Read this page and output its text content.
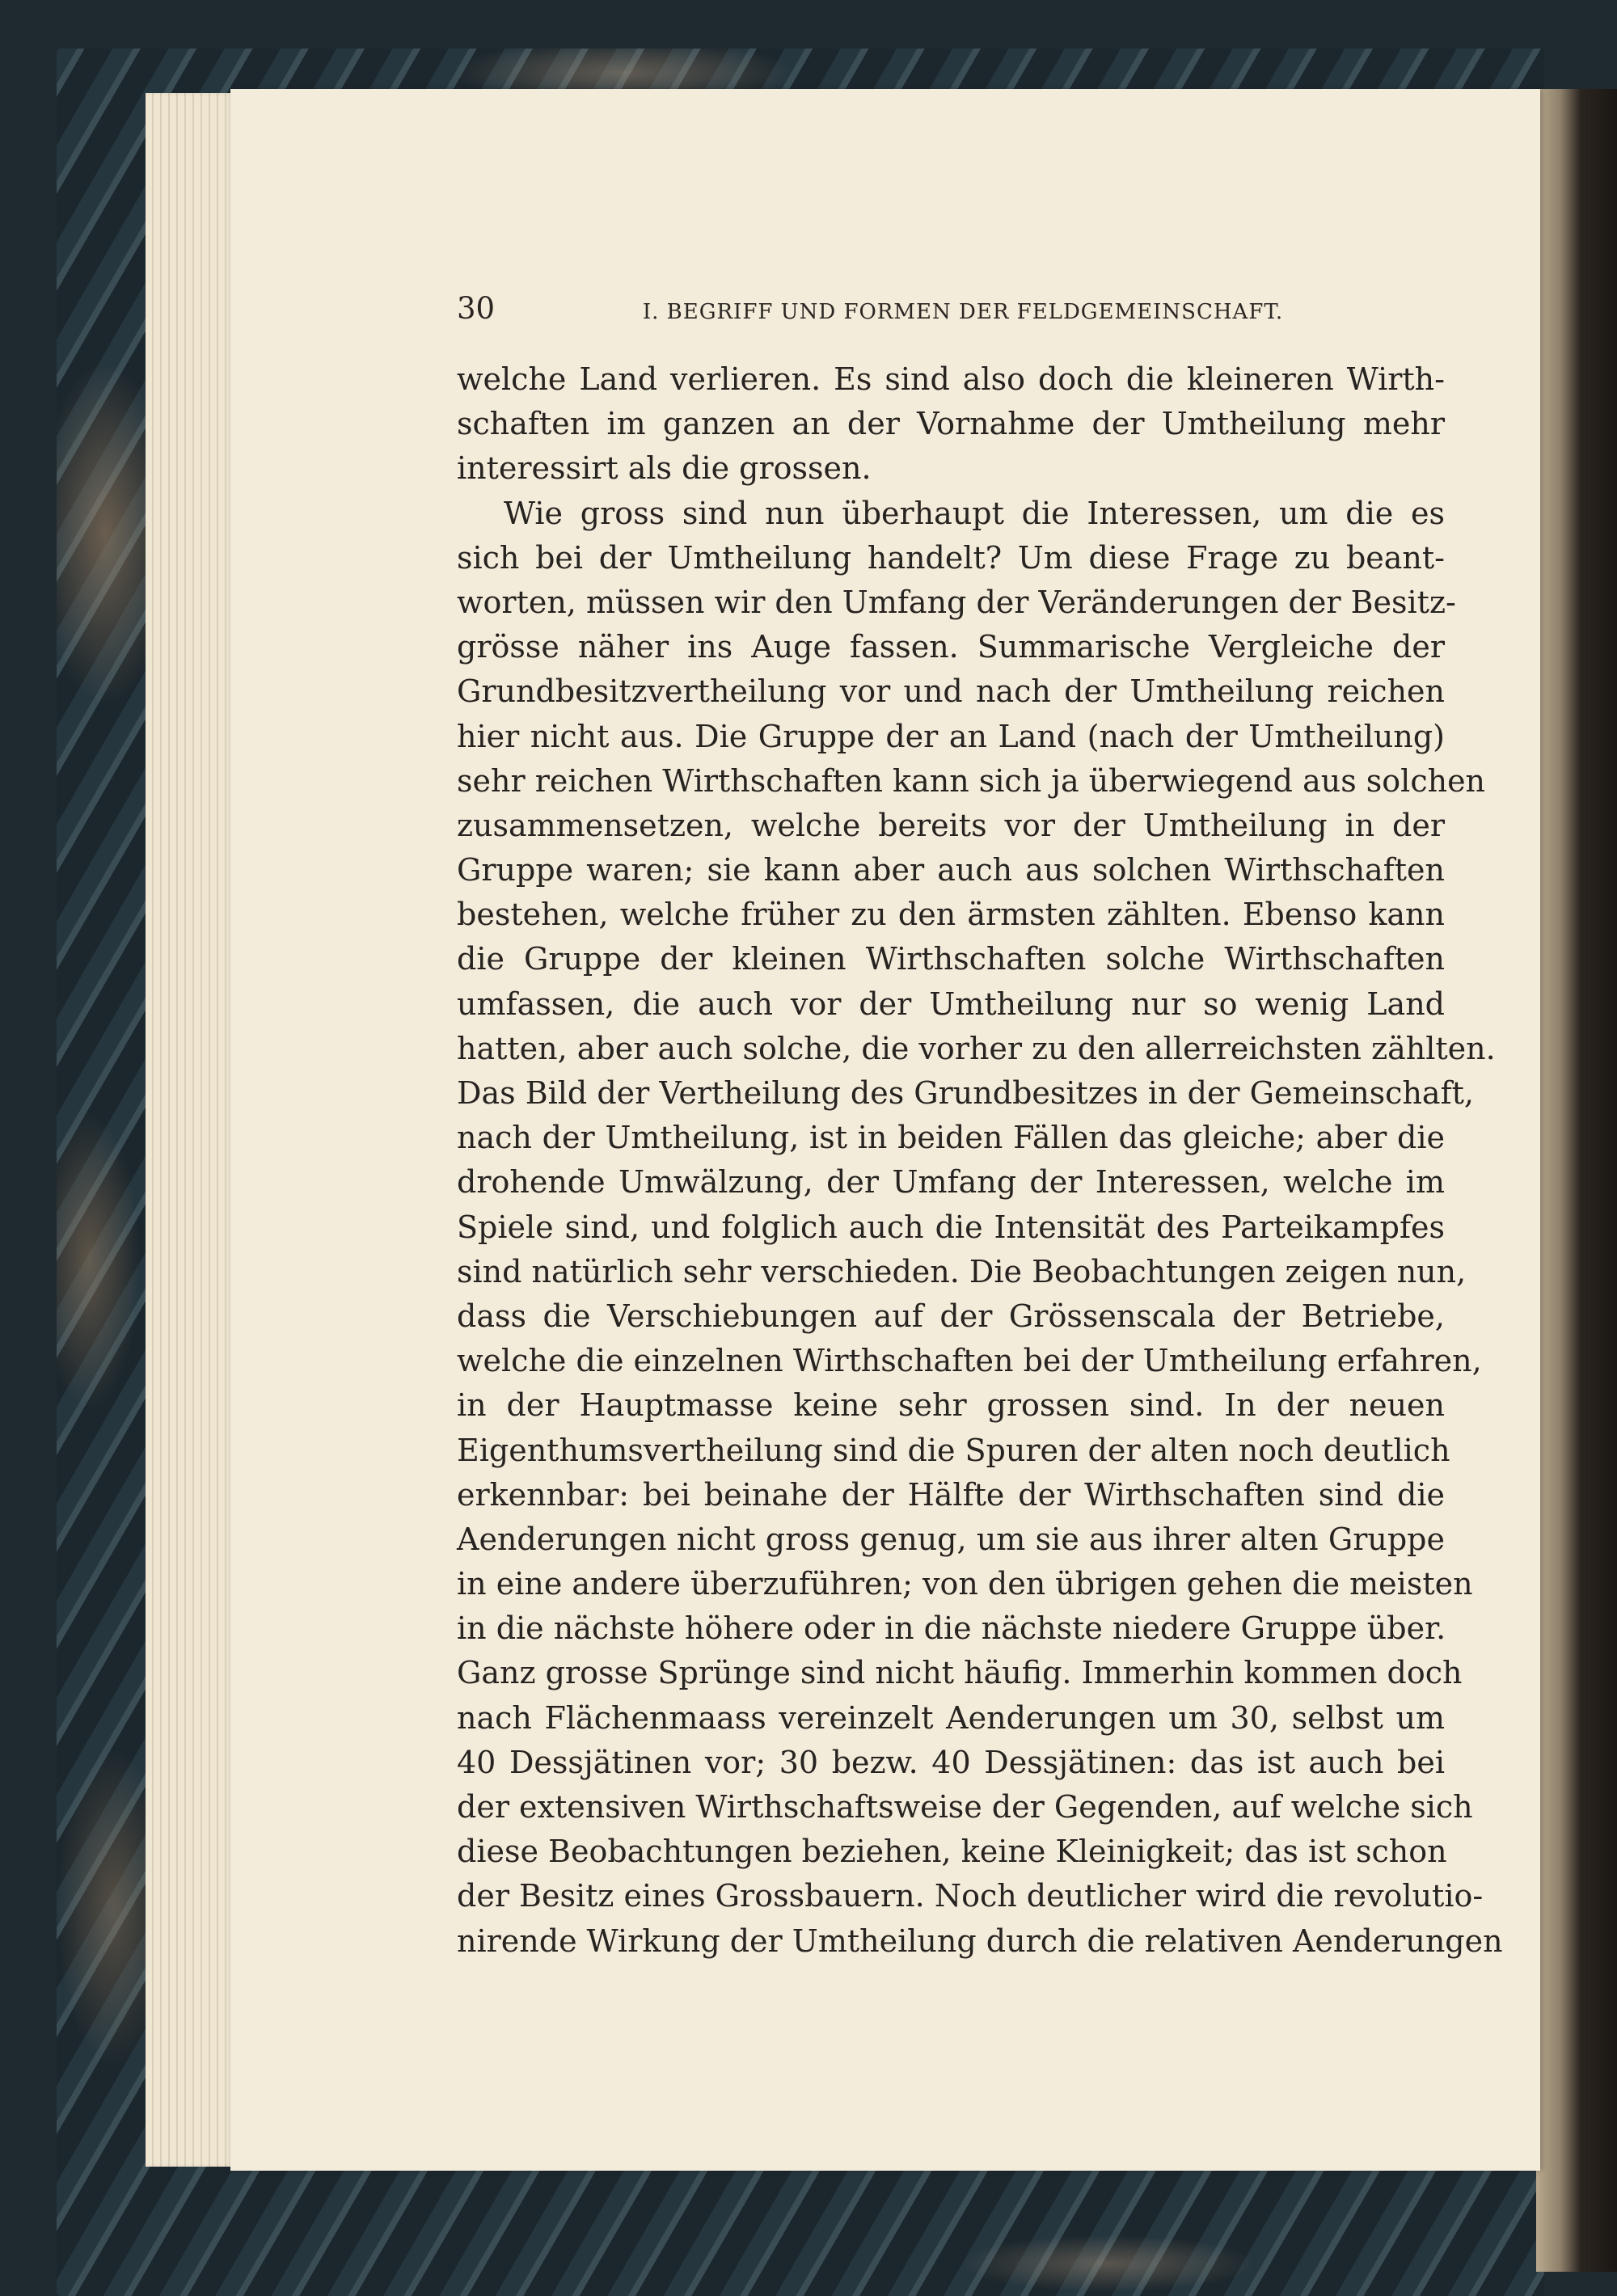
30	I. BEGRIFF UND FORMEN DER FELDGEMEINSCHAFT.
welche Land verlieren. Es sind also doch die kleineren Wirth-
schaften im ganzen an der Vornahme der Umtheilung mehr
interessirt als die grossen.
Wie gross sind nun überhaupt die Interessen, um die es
sich bei der Umtheilung handelt? Um diese Frage zu beant-
worten, müssen wir den Umfang der Veränderungen der Besitz-
grösse näher ins Auge fassen. Summarische Vergleiche der
Grundbesitzvertheilung vor und nach der Umtheilung reichen
hier nicht aus. Die Gruppe der an Land (nach der Umtheilung)
sehr reichen Wirthschaften kann sich ja überwiegend aus solchen
zusammensetzen, welche bereits vor der Umtheilung in der
Gruppe waren; sie kann aber auch aus solchen Wirthschaften
bestehen, welche früher zu den ärmsten zählten. Ebenso kann
die Gruppe der kleinen Wirthschaften solche Wirthschaften
umfassen, die auch vor der Umtheilung nur so wenig Land
hatten, aber auch solche, die vorher zu den allerreichsten zählten.
Das Bild der Vertheilung des Grundbesitzes in der Gemeinschaft,
nach der Umtheilung, ist in beiden Fällen das gleiche; aber die
drohende Umwälzung, der Umfang der Interessen, welche im
Spiele sind, und folglich auch die Intensität des Parteikampfes
sind natürlich sehr verschieden. Die Beobachtungen zeigen nun,
dass die Verschiebungen auf der Grössenscala der Betriebe,
welche die einzelnen Wirthschaften bei der Umtheilung erfahren,
in der Hauptmasse keine sehr grossen sind. In der neuen
Eigenthumsvertheilung sind die Spuren der alten noch deutlich
erkennbar: bei beinahe der Hälfte der Wirthschaften sind die
Aenderungen nicht gross genug, um sie aus ihrer alten Gruppe
in eine andere überzuführen; von den übrigen gehen die meisten
in die nächste höhere oder in die nächste niedere Gruppe über.
Ganz grosse Sprünge sind nicht häufig. Immerhin kommen doch
nach Flächenmaass vereinzelt Aenderungen um 30, selbst um
40 Dessjätinen vor; 30 bezw. 40 Dessjätinen: das ist auch bei
der extensiven Wirthschaftsweise der Gegenden, auf welche sich
diese Beobachtungen beziehen, keine Kleinigkeit; das ist schon
der Besitz eines Grossbauern. Noch deutlicher wird die revolutio-
nirende Wirkung der Umtheilung durch die relativen Aenderungen
